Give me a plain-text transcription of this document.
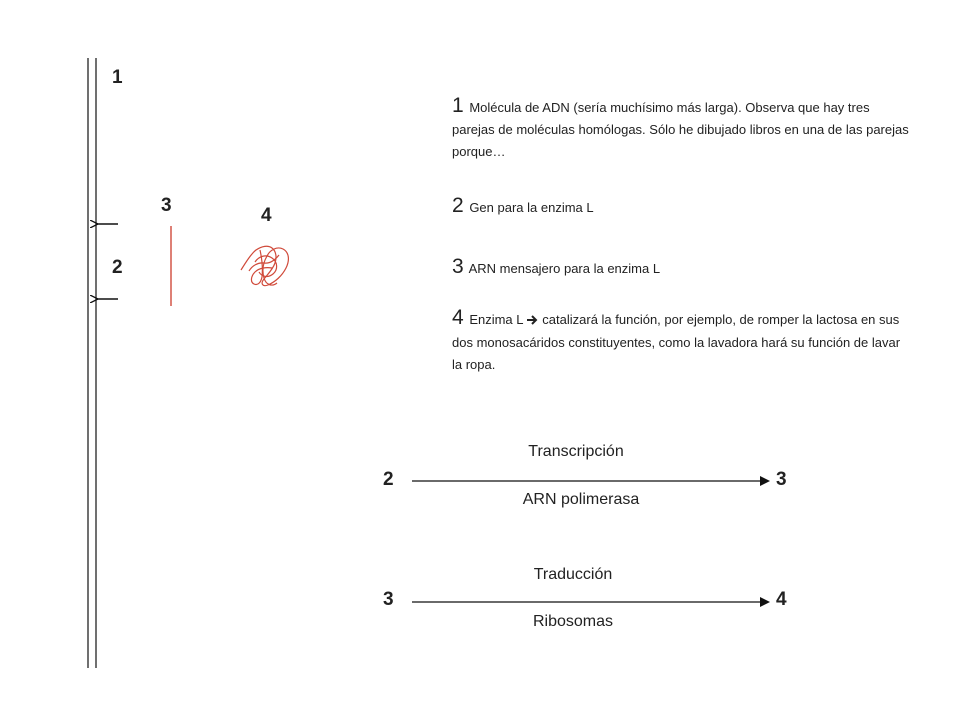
1
3	4
2
1 Molécula de ADN (sería muchísimo más larga). Observa que hay tres parejas de moléculas homólogas. Sólo he dibujado libros en una de las parejas porque…
2 Gen para la enzima L
3 ARN mensajero para la enzima L
4 Enzima L catalizará la función, por ejemplo, de romper la lactosa en sus dos monosacáridos constituyentes, como la lavadora hará su función de lavar la ropa.
Transcripción
2	3
ARN polimerasa
Traducción
3	4
Ribosomas
